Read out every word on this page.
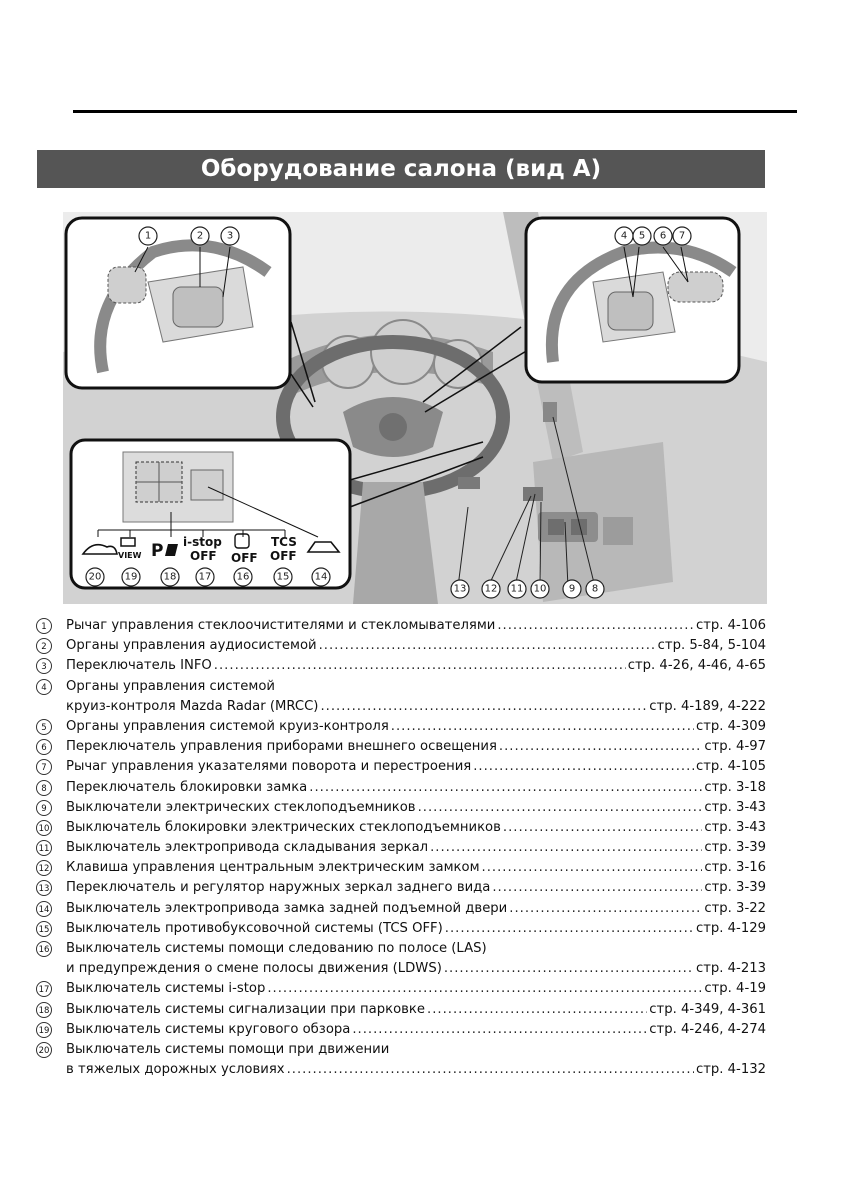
Оборудование салона (вид A)
VIEW P i-stop
OFF OFF
TCS
OFF
1	2 3	4 5 6 7
8
9
10
11
12
13
14
15
16
17
18
19
20
1	Рычаг управления стеклоочистителями и стекломывателями .....	стр. 4-106
2	Органы управления аудиосистемой .....	стр. 5-84, 5-104
3	Переключатель INFO .....	стр. 4-26, 4-46, 4-65
4	Органы управления системой
круиз-контроля Mazda Radar (MRCC) .....	стр. 4-189, 4-222
5	Органы управления системой круиз-контроля .....	стр. 4-309
6	Переключатель управления приборами внешнего освещения .....	стр. 4-97
7	Рычаг управления указателями поворота и перестроения .....	стр. 4-105
8	Переключатель блокировки замка .....	стр. 3-18
9	Выключатели электрических стеклоподъемников .....	стр. 3-43
10 Выключатель блокировки электрических стеклоподъемников .....	стр. 3-43
11 Выключатель электропривода складывания зеркал .....	стр. 3-39
12 Клавиша управления центральным электрическим замком .....	стр. 3-16
13 Переключатель и регулятор наружных зеркал заднего вида .....	стр. 3-39
14 Выключатель электропривода замка задней подъемной двери .....	стр. 3-22
15 Выключатель противобуксовочной системы (TCS OFF) .....	стр. 4-129
16 Выключатель системы помощи следованию по полосе (LAS)
и предупреждения о смене полосы движения (LDWS) .....	стр. 4-213
17 Выключатель системы i-stop .....	стр. 4-19
18 Выключатель системы сигнализации при парковке .....	стр. 4-349, 4-361
19 Выключатель системы кругового обзора .....	стр. 4-246, 4-274
20 Выключатель системы помощи при движении
в тяжелых дорожных условиях .....	стр. 4-132
